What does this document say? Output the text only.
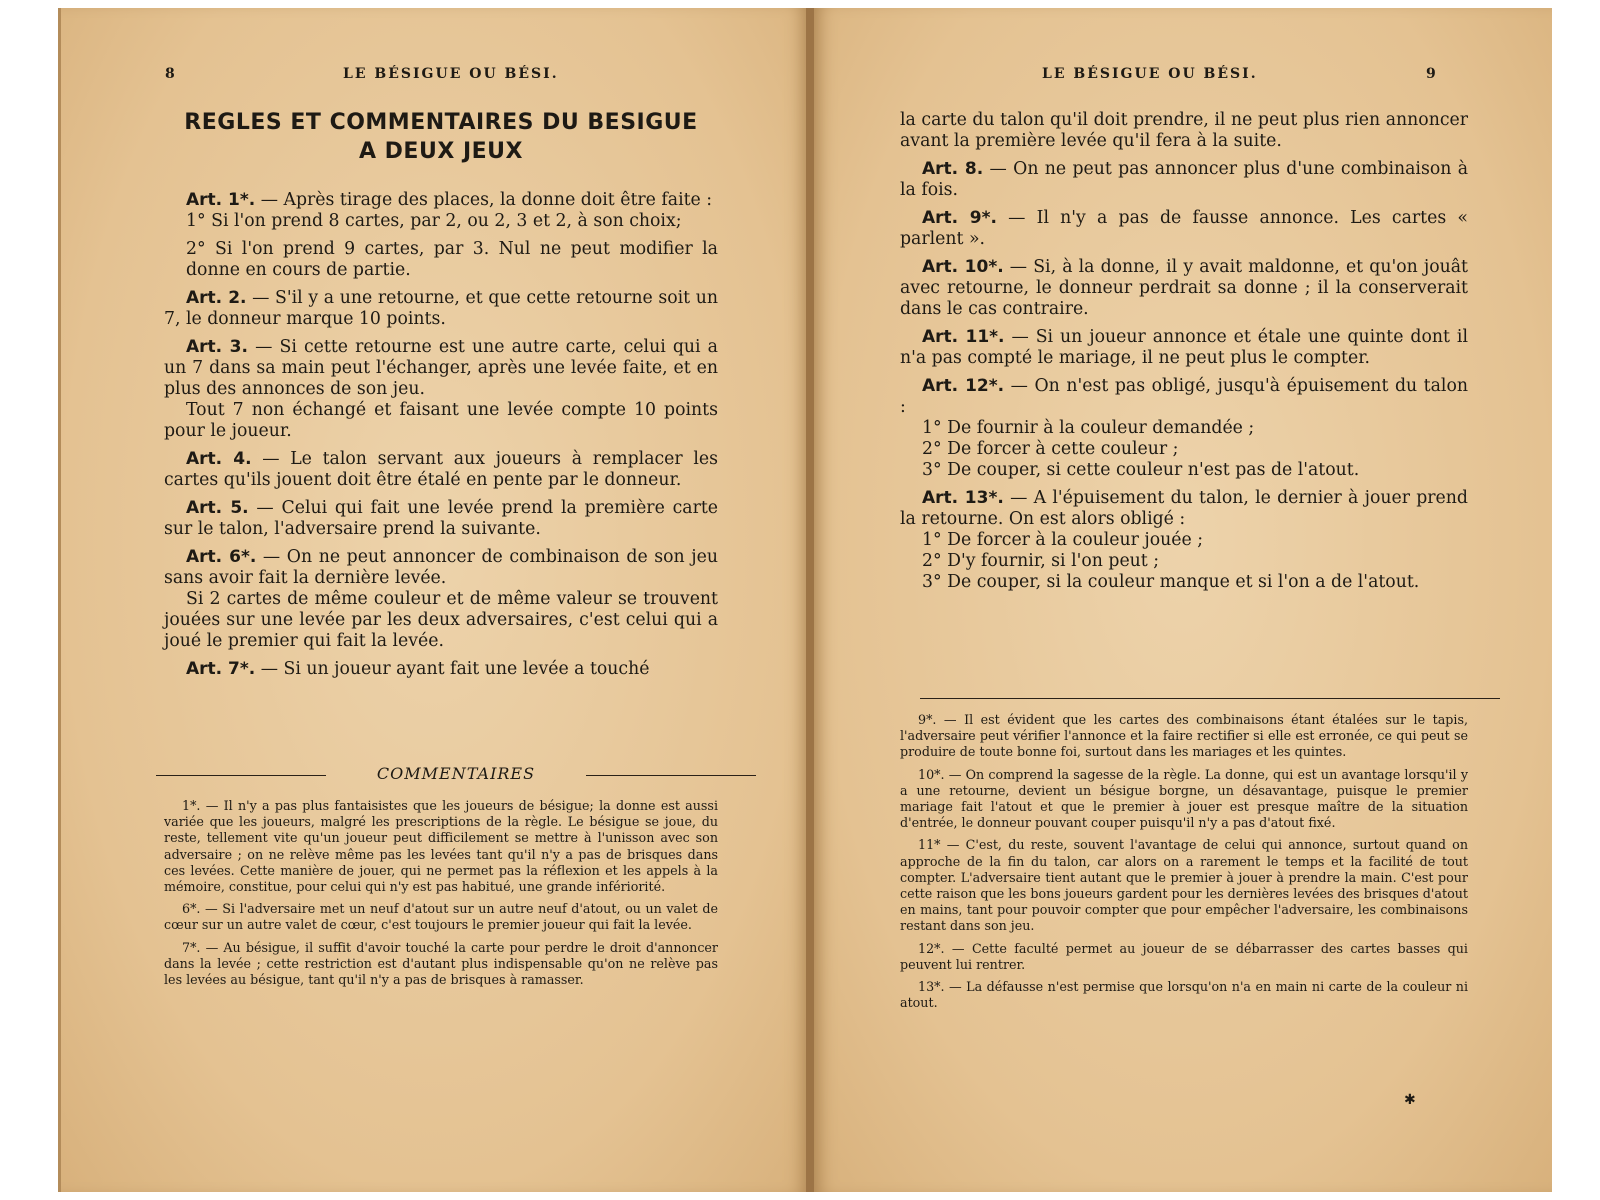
8	LE BÉSIGUE OU BÉSI.
REGLES ET COMMENTAIRES DU BESIGUE
A DEUX JEUX

Art. 1*. — Après tirage des places, la donne doit être faite :

1° Si l'on prend 8 cartes, par 2, ou 2, 3 et 2, à son choix;

2° Si l'on prend 9 cartes, par 3. Nul ne peut modifier la donne en cours de partie.

Art. 2. — S'il y a une retourne, et que cette retourne soit un 7, le donneur marque 10 points.

Art. 3. — Si cette retourne est une autre carte, celui qui a un 7 dans sa main peut l'échanger, après une levée faite, et en plus des annonces de son jeu.

Tout 7 non échangé et faisant une levée compte 10 points pour le joueur.

Art. 4. — Le talon servant aux joueurs à remplacer les cartes qu'ils jouent doit être étalé en pente par le donneur.

Art. 5. — Celui qui fait une levée prend la première carte sur le talon, l'adversaire prend la suivante.

Art. 6*. — On ne peut annoncer de combinaison de son jeu sans avoir fait la dernière levée.

Si 2 cartes de même couleur et de même valeur se trouvent jouées sur une levée par les deux adversaires, c'est celui qui a joué le premier qui fait la levée.

Art. 7*. — Si un joueur ayant fait une levée a touché

COMMENTAIRES

1*. — Il n'y a pas plus fantaisistes que les joueurs de bésigue; la donne est aussi variée que les joueurs, malgré les prescriptions de la règle. Le bésigue se joue, du reste, tellement vite qu'un joueur peut difficilement se mettre à l'unisson avec son adversaire ; on ne relève même pas les levées tant qu'il n'y a pas de brisques dans ces levées. Cette manière de jouer, qui ne permet pas la réflexion et les appels à la mémoire, constitue, pour celui qui n'y est pas habitué, une grande infériorité.

6*. — Si l'adversaire met un neuf d'atout sur un autre neuf d'atout, ou un valet de cœur sur un autre valet de cœur, c'est toujours le premier joueur qui fait la levée.

7*. — Au bésigue, il suffit d'avoir touché la carte pour perdre le droit d'annoncer dans la levée ; cette restriction est d'autant plus indispensable qu'on ne relève pas les levées au bésigue, tant qu'il n'y a pas de brisques à ramasser.

LE BÉSIGUE OU BÉSI.	9

la carte du talon qu'il doit prendre, il ne peut plus rien annoncer avant la première levée qu'il fera à la suite.

Art. 8. — On ne peut pas annoncer plus d'une combinaison à la fois.

Art. 9*. — Il n'y a pas de fausse annonce. Les cartes « parlent ».

Art. 10*. — Si, à la donne, il y avait maldonne, et qu'on jouât avec retourne, le donneur perdrait sa donne ; il la conserverait dans le cas contraire.

Art. 11*. — Si un joueur annonce et étale une quinte dont il n'a pas compté le mariage, il ne peut plus le compter.

Art. 12*. — On n'est pas obligé, jusqu'à épuisement du talon :

1° De fournir à la couleur demandée ;

2° De forcer à cette couleur ;

3° De couper, si cette couleur n'est pas de l'atout.

Art. 13*. — A l'épuisement du talon, le dernier à jouer prend la retourne. On est alors obligé :

1° De forcer à la couleur jouée ;

2° D'y fournir, si l'on peut ;

3° De couper, si la couleur manque et si l'on a de l'atout.

9*. — Il est évident que les cartes des combinaisons étant étalées sur le tapis, l'adversaire peut vérifier l'annonce et la faire rectifier si elle est erronée, ce qui peut se produire de toute bonne foi, surtout dans les mariages et les quintes.

10*. — On comprend la sagesse de la règle. La donne, qui est un avantage lorsqu'il y a une retourne, devient un bésigue borgne, un désavantage, puisque le premier mariage fait l'atout et que le premier à jouer est presque maître de la situation d'entrée, le donneur pouvant couper puisqu'il n'y a pas d'atout fixé.

11* — C'est, du reste, souvent l'avantage de celui qui annonce, surtout quand on approche de la fin du talon, car alors on a rarement le temps et la facilité de tout compter. L'adversaire tient autant que le premier à jouer à prendre la main. C'est pour cette raison que les bons joueurs gardent pour les dernières levées des brisques d'atout en mains, tant pour pouvoir compter que pour empêcher l'adversaire, les combinaisons restant dans son jeu.

12*. — Cette faculté permet au joueur de se débarrasser des cartes basses qui peuvent lui rentrer.

13*. — La défausse n'est permise que lorsqu'on n'a en main ni carte de la couleur ni atout.

✱
